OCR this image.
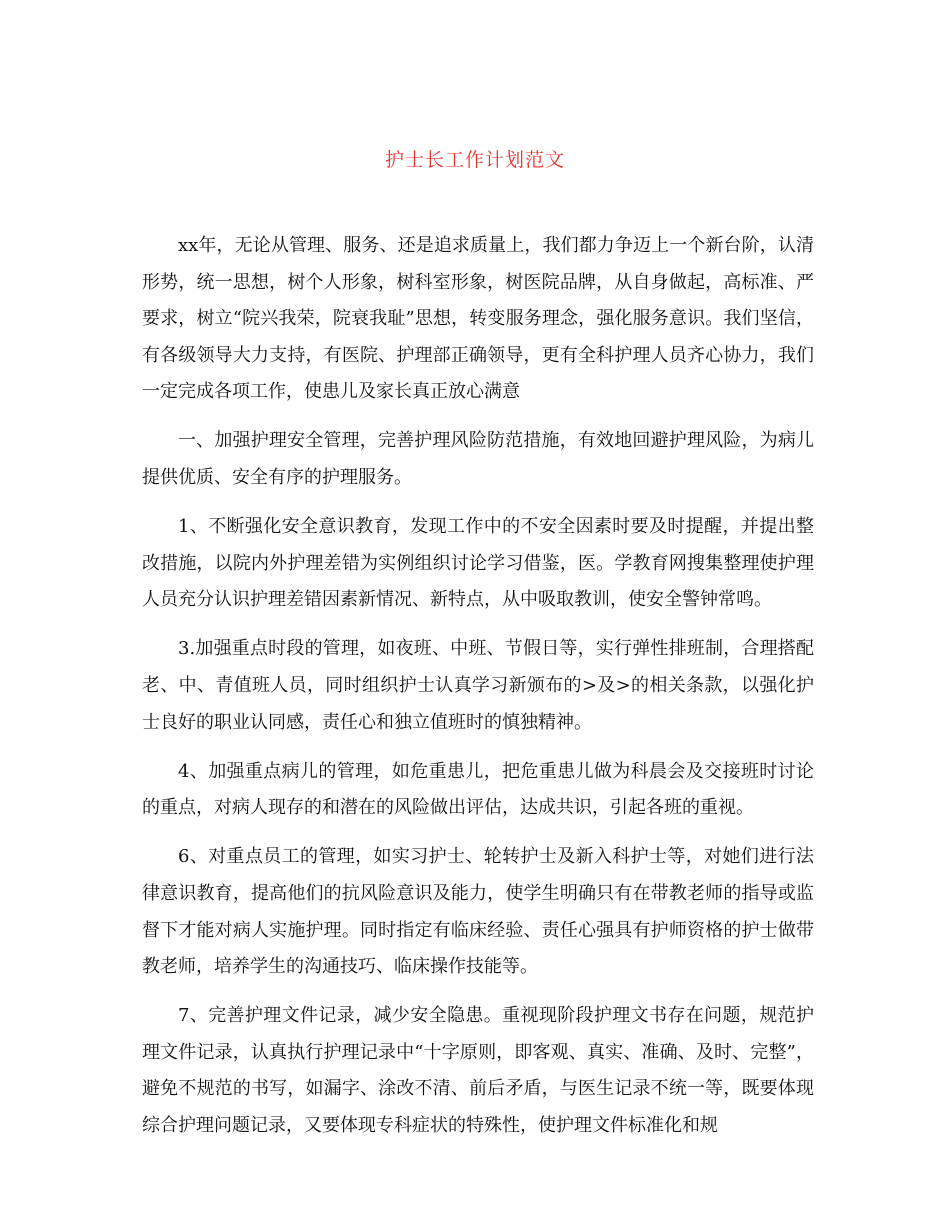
护士长工作计划范文

xx年，无论从管理、服务、还是追求质量上，我们都力争迈上一个新台阶，认清形势，统一思想，树个人形象，树科室形象，树医院品牌，从自身做起，高标准、严要求，树立“院兴我荣，院衰我耻”思想，转变服务理念，强化服务意识。我们坚信，有各级领导大力支持，有医院、护理部正确领导，更有全科护理人员齐心协力，我们一定完成各项工作，使患儿及家长真正放心满意

一、加强护理安全管理，完善护理风险防范措施，有效地回避护理风险，为病儿提供优质、安全有序的护理服务。

1、不断强化安全意识教育，发现工作中的不安全因素时要及时提醒，并提出整改措施，以院内外护理差错为实例组织讨论学习借鉴，医。学教育网搜集整理使护理人员充分认识护理差错因素新情况、新特点，从中吸取教训，使安全警钟常鸣。

3.加强重点时段的管理，如夜班、中班、节假日等，实行弹性排班制，合理搭配老、中、青值班人员，同时组织护士认真学习新颁布的>及>的相关条款，以强化护士良好的职业认同感，责任心和独立值班时的慎独精神。

4、加强重点病儿的管理，如危重患儿，把危重患儿做为科晨会及交接班时讨论的重点，对病人现存的和潜在的风险做出评估，达成共识，引起各班的重视。

6、对重点员工的管理，如实习护士、轮转护士及新入科护士等，对她们进行法律意识教育，提高他们的抗风险意识及能力，使学生明确只有在带教老师的指导或监督下才能对病人实施护理。同时指定有临床经验、责任心强具有护师资格的护士做带教老师，培养学生的沟通技巧、临床操作技能等。

7、完善护理文件记录，减少安全隐患。重视现阶段护理文书存在问题，规范护理文件记录，认真执行护理记录中“十字原则，即客观、真实、准确、及时、完整”，避免不规范的书写，如漏字、涂改不清、前后矛盾，与医生记录不统一等，既要体现综合护理问题记录，又要体现专科症状的特殊性，使护理文件标准化和规
